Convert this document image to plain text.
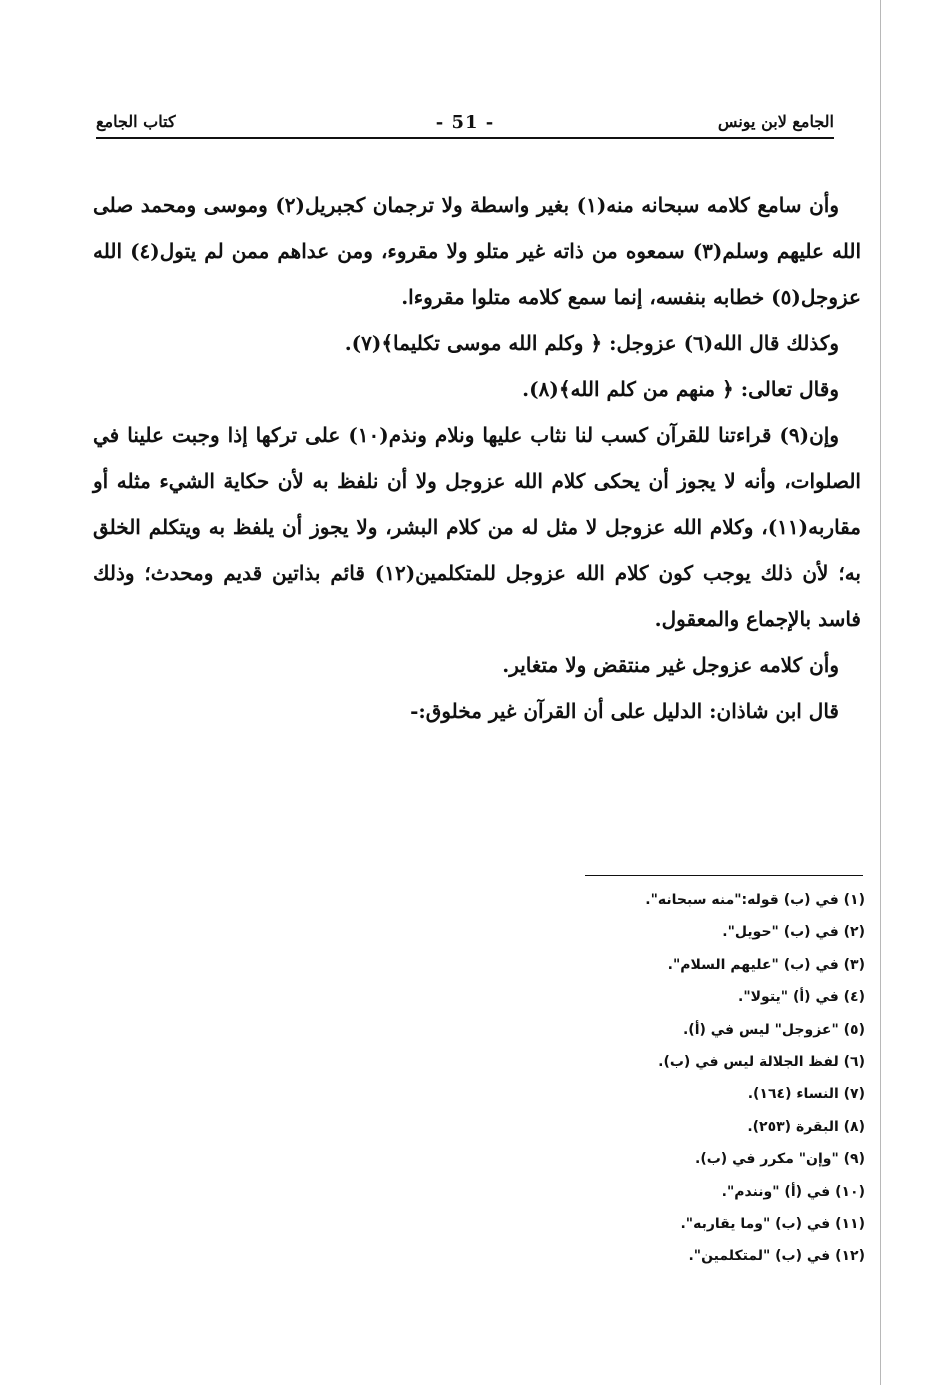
الجامع لابن يونس
- 51 -
كتاب الجامع

وأن سامع كلامه سبحانه منه(١) بغير واسطة ولا ترجمان كجبريل(٢) وموسى ومحمد صلى الله عليهم وسلم(٣) سمعوه من ذاته غير متلو ولا مقروء، ومن عداهم ممن لم يتول(٤) الله عزوجل(٥) خطابه بنفسه، إنما سمع كلامه متلوا مقروءا.

وكذلك قال الله(٦) عزوجل: ﴿ وكلم الله موسى تكليما﴾(٧).

وقال تعالى: ﴿ منهم من كلم الله﴾(٨).

وإن(٩) قراءتنا للقرآن كسب لنا نثاب عليها ونلام ونذم(١٠) على تركها إذا وجبت علينا في الصلوات، وأنه لا يجوز أن يحكى كلام الله عزوجل ولا أن نلفظ به لأن حكاية الشيء مثله أو مقاربه(١١)، وكلام الله عزوجل لا مثل له من كلام البشر، ولا يجوز أن يلفظ به ويتكلم الخلق به؛ لأن ذلك يوجب كون كلام الله عزوجل للمتكلمين(١٢) قائم بذاتين قديم ومحدث؛ وذلك فاسد بالإجماع والمعقول.

وأن كلامه عزوجل غير منتقض ولا متغاير.

قال ابن شاذان: الدليل على أن القرآن غير مخلوق:-

(١) في (ب) قوله:"منه سبحانه".
(٢) في (ب) "حويل".
(٣) في (ب) "عليهم السلام".
(٤) في (أ) "يتولا".
(٥) "عزوجل" ليس في (أ).
(٦) لفظ الجلالة ليس في (ب).
(٧) النساء (١٦٤).
(٨) البقرة (٢٥٣).
(٩) "وإن" مكرر في (ب).
(١٠) في (أ) "ونندم".
(١١) في (ب) "وما يقاربه".
(١٢) في (ب) "لمتكلمين".
